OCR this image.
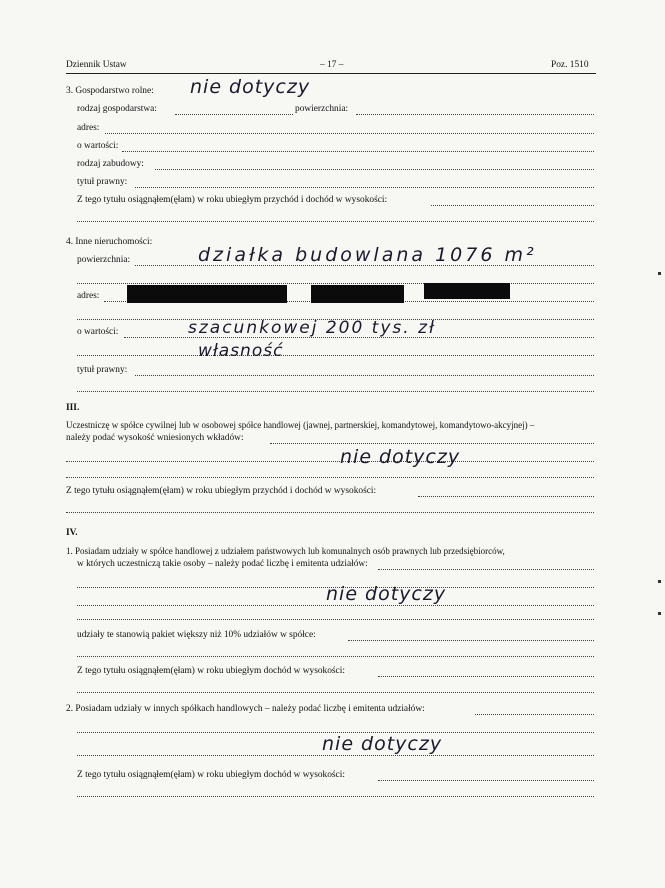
Dziennik Ustaw	– 17 –	Poz. 1510
3. Gospodarstwo rolne: nie dotyczy
rodzaj gospodarstwa:	powierzchnia:
adres:
o wartości:
rodzaj zabudowy:
tytuł prawny:
Z tego tytułu osiągnąłem(ęłam) w roku ubiegłym przychód i dochód w wysokości:
4. Inne nieruchomości:
powierzchnia:	działka budowlana 1076 m²
adres:
o wartości:	szacunkowej 200 tys. zł
własność
tytuł prawny:
III.
Uczestniczę w spółce cywilnej lub w osobowej spółce handlowej (jawnej, partnerskiej, komandytowej, komandytowo-akcyjnej) –
należy podać wysokość wniesionych wkładów:
nie dotyczy
Z tego tytułu osiągnąłem(ęłam) w roku ubiegłym przychód i dochód w wysokości:
IV.
1. Posiadam udziały w spółce handlowej z udziałem państwowych lub komunalnych osób prawnych lub przedsiębiorców,
w których uczestniczą takie osoby – należy podać liczbę i emitenta udziałów:
nie dotyczy
udziały te stanowią pakiet większy niż 10% udziałów w spółce:
Z tego tytułu osiągnąłem(ęłam) w roku ubiegłym dochód w wysokości:
2. Posiadam udziały w innych spółkach handlowych – należy podać liczbę i emitenta udziałów:
nie dotyczy
Z tego tytułu osiągnąłem(ęłam) w roku ubiegłym dochód w wysokości:
